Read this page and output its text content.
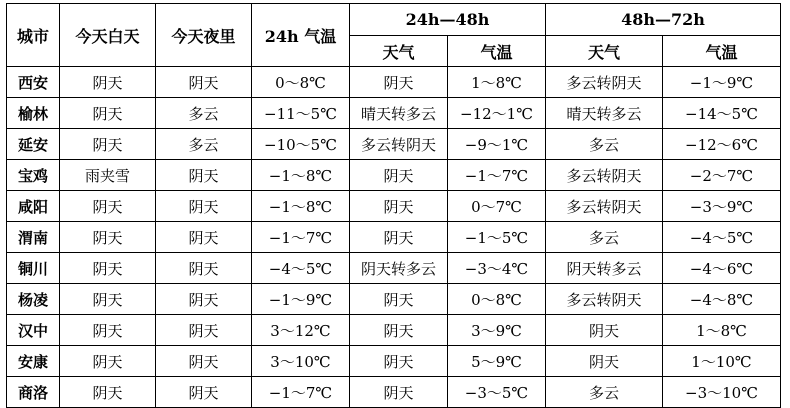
城市	今天白天	今天夜里	24h 气温	24h—48h		48h—72h	
				天气	气温	天气	气温
西安	阴天	阴天	0～8℃	阴天	1～8℃	多云转阴天	−1～9℃
榆林	阴天	多云	−11～5℃	晴天转多云	−12～1℃	晴天转多云	−14～5℃
延安	阴天	多云	−10～5℃	多云转阴天	−9～1℃	多云	−12～6℃
宝鸡	雨夹雪	阴天	−1～8℃	阴天	−1～7℃	多云转阴天	−2～7℃
咸阳	阴天	阴天	−1～8℃	阴天	0～7℃	多云转阴天	−3～9℃
渭南	阴天	阴天	−1～7℃	阴天	−1～5℃	多云	−4～5℃
铜川	阴天	阴天	−4～5℃	阴天转多云	−3～4℃	阴天转多云	−4～6℃
杨凌	阴天	阴天	−1～9℃	阴天	0～8℃	多云转阴天	−4～8℃
汉中	阴天	阴天	3～12℃	阴天	3～9℃	阴天	1～8℃
安康	阴天	阴天	3～10℃	阴天	5～9℃	阴天	1～10℃
商洛	阴天	阴天	−1～7℃	阴天	−3～5℃	多云	−3～10℃
